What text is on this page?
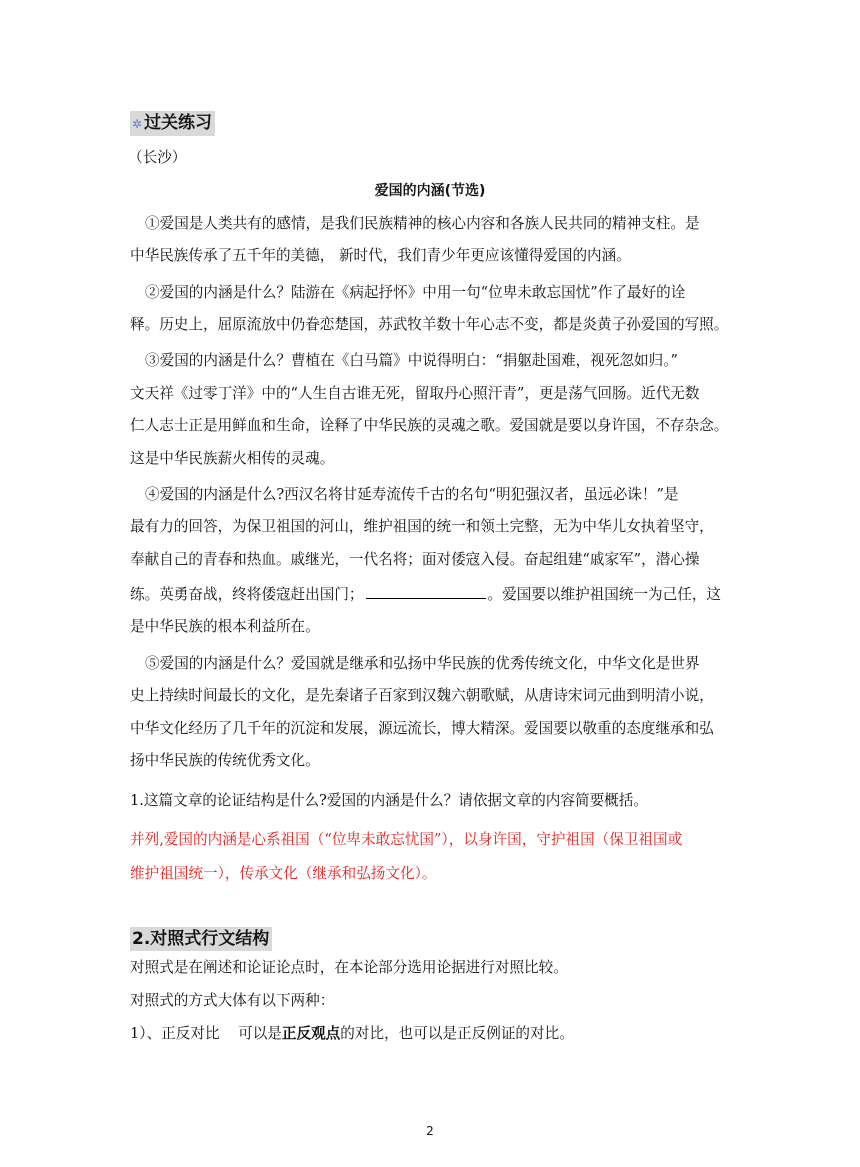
✲ 过关练习
（长沙）
爱国的内涵(节选)
①爱国是人类共有的感情，是我们民族精神的核心内容和各族人民共同的精神支柱。是
中华民族传承了五千年的美德， 新时代，我们青少年更应该懂得爱国的内涵。
②爱国的内涵是什么？陆游在《病起抒怀》中用一句“位卑未敢忘国忧”作了最好的诠
释。历史上，屈原流放中仍眷恋楚国，苏武牧羊数十年心志不变，都是炎黄子孙爱国的写照。
③爱国的内涵是什么？曹植在《白马篇》中说得明白：“捐躯赴国难，视死忽如归。”
文天祥《过零丁洋》中的“人生自古谁无死，留取丹心照汗青”，更是荡气回肠。近代无数
仁人志士正是用鲜血和生命，诠释了中华民族的灵魂之歌。爱国就是要以身许国，不存杂念。
这是中华民族薪火相传的灵魂。
④爱国的内涵是什么?西汉名将甘延寿流传千古的名句“明犯强汉者，虽远必诛！”是
最有力的回答，为保卫祖国的河山，维护祖国的统一和领土完整，无为中华儿女执着坚守，
奉献自己的青春和热血。戚继光，一代名将；面对倭寇入侵。奋起组建“戚家军”，潜心操
练。英勇奋战，终将倭寇赶出国门；	。爱国要以维护祖国统一为己任，这
是中华民族的根本利益所在。
⑤爱国的内涵是什么？爱国就是继承和弘扬中华民族的优秀传统文化，中华文化是世界
史上持续时间最长的文化，是先秦诸子百家到汉魏六朝歌赋，从唐诗宋词元曲到明清小说，
中华文化经历了几千年的沉淀和发展，源远流长，博大精深。爱国要以敬重的态度继承和弘
扬中华民族的传统优秀文化。
1.这篇文章的论证结构是什么?爱国的内涵是什么？请依据文章的内容简要概括。
并列,爱国的内涵是心系祖国（“位卑未敢忘忧国”），以身许国，守护祖国（保卫祖国或
维护祖国统一），传承文化（继承和弘扬文化）。
2.对照式行文结构
对照式是在阐述和论证论点时，在本论部分选用论据进行对照比较。
对照式的方式大体有以下两种：
1）、正反对比    可以是正反观点的对比，也可以是正反例证的对比。
2
